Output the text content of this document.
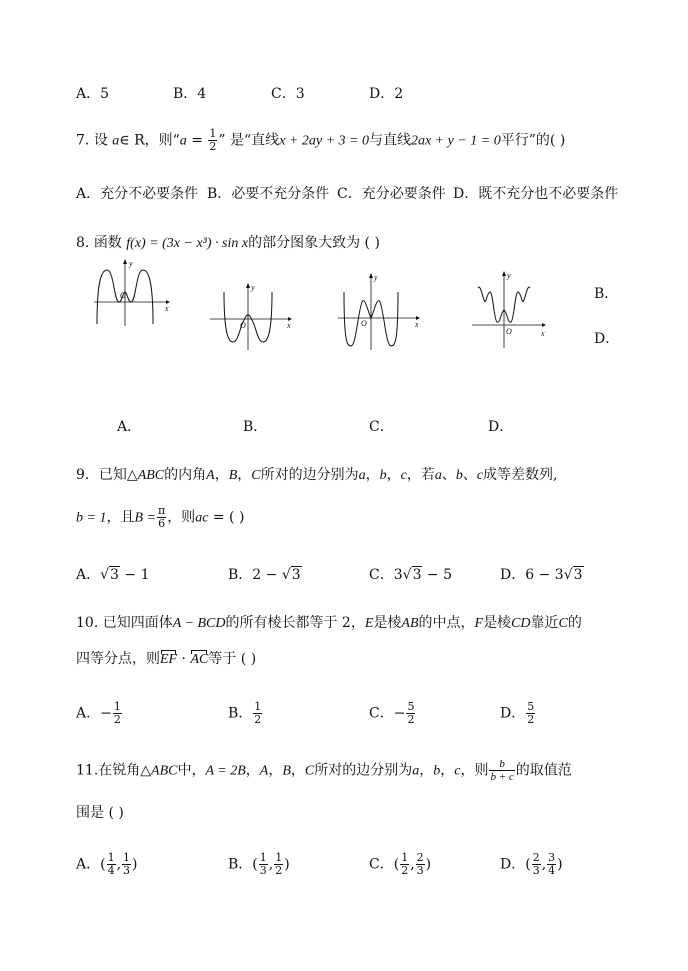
A．5	B．4	C．3	D．2
7. 设 a∈ R，则“$a = \frac{1}{2}$ ” 是“直线x + 2ay + 3 = 0与直线2ax + y − 1 = 0平行”的( )
A．充分不必要条件 B．必要不充分条件 C．充分必要条件 D．既不充分也不必要条件
8. 函数 f(x) = (3x − x³) · sin x的部分图象大致为 ( )
y
x
O
y
x
O
y
x
O
y
x
O
B．
D．
A．	B．	C．	D．
9．已知△ABC的内角A，B，C所对的边分别为a，b，c，若a、b、c成等差数列,
b = 1，且$B = \frac{\pi}{6}$ ，则ac = ( )
A．√3 − 1	B．2 − √3	C．3√3 − 5	D．6 − 3√3
10. 已知四面体A − BCD的所有棱长都等于 2，E是棱AB的中点，F是棱CD靠近C的
四等分点，则EF · AC等于 ( )
A．− $\frac{1}{2}$	B． $\frac{1}{2}$	C．− $\frac{5}{2}$	D． $\frac{5}{2}$
11.在锐角△ABC中，A = 2B，A，B，C所对的边分别为a，b，c，则 $\frac{b}{b + c}$ 的取值范
围是 ( )
A．( $\frac{1}{4}$ , $\frac{1}{3}$ )	B．( $\frac{1}{3}$ , $\frac{1}{2}$ )	C．( $\frac{1}{2}$ , $\frac{2}{3}$ )	D．( $\frac{2}{3}$ , $\frac{3}{4}$ )
